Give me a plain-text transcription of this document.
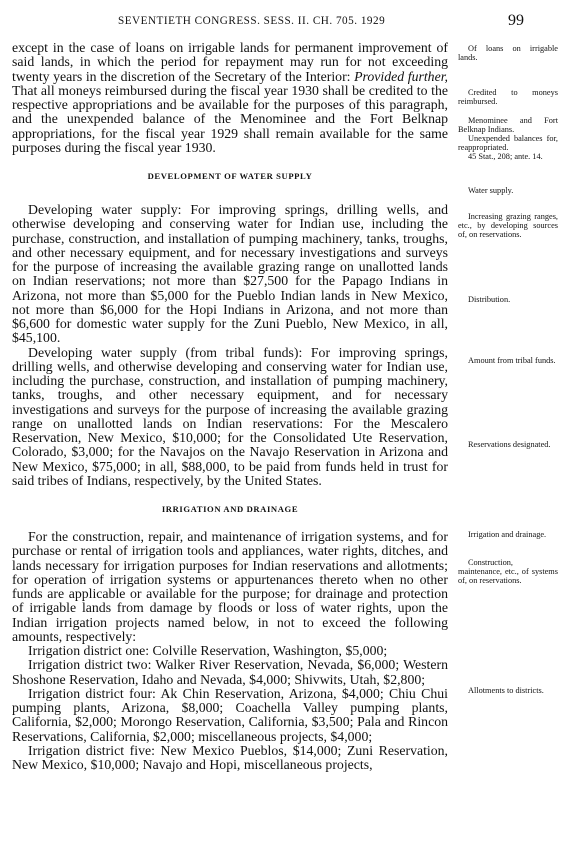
SEVENTIETH CONGRESS. SESS. II. CH. 705. 1929	99

except in the case of loans on irrigable lands for permanent improvement of said lands, in which the period for repayment may run for not exceeding twenty years in the discretion of the Secretary of the Interior: Provided further, That all moneys reimbursed during the fiscal year 1930 shall be credited to the respective appropriations and be available for the purposes of this paragraph, and the unexpended balance of the Menominee and the Fort Belknap appropriations, for the fiscal year 1929 shall remain available for the same purposes during the fiscal year 1930.

DEVELOPMENT OF WATER SUPPLY

Developing water supply: For improving springs, drilling wells, and otherwise developing and conserving water for Indian use, including the purchase, construction, and installation of pumping machinery, tanks, troughs, and other necessary equipment, and for necessary investigations and surveys for the purpose of increasing the available grazing range on unallotted lands on Indian reservations; not more than $27,500 for the Papago Indians in Arizona, not more than $5,000 for the Pueblo Indian lands in New Mexico, not more than $6,000 for the Hopi Indians in Arizona, and not more than $6,600 for domestic water supply for the Zuni Pueblo, New Mexico, in all, $45,100.

Developing water supply (from tribal funds): For improving springs, drilling wells, and otherwise developing and conserving water for Indian use, including the purchase, construction, and installation of pumping machinery, tanks, troughs, and other necessary equipment, and for necessary investigations and surveys for the purpose of increasing the available grazing range on unallotted lands on Indian reservations: For the Mescalero Reservation, New Mexico, $10,000; for the Consolidated Ute Reservation, Colorado, $3,000; for the Navajos on the Navajo Reservation in Arizona and New Mexico, $75,000; in all, $88,000, to be paid from funds held in trust for said tribes of Indians, respectively, by the United States.

IRRIGATION AND DRAINAGE

For the construction, repair, and maintenance of irrigation systems, and for purchase or rental of irrigation tools and appliances, water rights, ditches, and lands necessary for irrigation purposes for Indian reservations and allotments; for operation of irrigation systems or appurtenances thereto when no other funds are applicable or available for the purpose; for drainage and protection of irrigable lands from damage by floods or loss of water rights, upon the Indian irrigation projects named below, in not to exceed the following amounts, respectively:

Irrigation district one: Colville Reservation, Washington, $5,000;

Irrigation district two: Walker River Reservation, Nevada, $6,000; Western Shoshone Reservation, Idaho and Nevada, $4,000; Shivwits, Utah, $2,800;

Irrigation district four: Ak Chin Reservation, Arizona, $4,000; Chiu Chui pumping plants, Arizona, $8,000; Coachella Valley pumping plants, California, $2,000; Morongo Reservation, California, $3,500; Pala and Rincon Reservations, California, $2,000; miscellaneous projects, $4,000;

Irrigation district five: New Mexico Pueblos, $14,000; Zuni Reservation, New Mexico, $10,000; Navajo and Hopi, miscellaneous projects,

Of loans on irrigable lands.
Credited to moneys reimbursed.
Menominee and Fort Belknap Indians.
Unexpended balances for, reappropriated.
45 Stat., 208; ante. 14.
Water supply.
Increasing grazing ranges, etc., by developing sources of, on reservations.
Distribution.
Amount from tribal funds.
Reservations designated.
Irrigation and drainage.
Construction, maintenance, etc., of systems of, on reservations.
Allotments to districts.
